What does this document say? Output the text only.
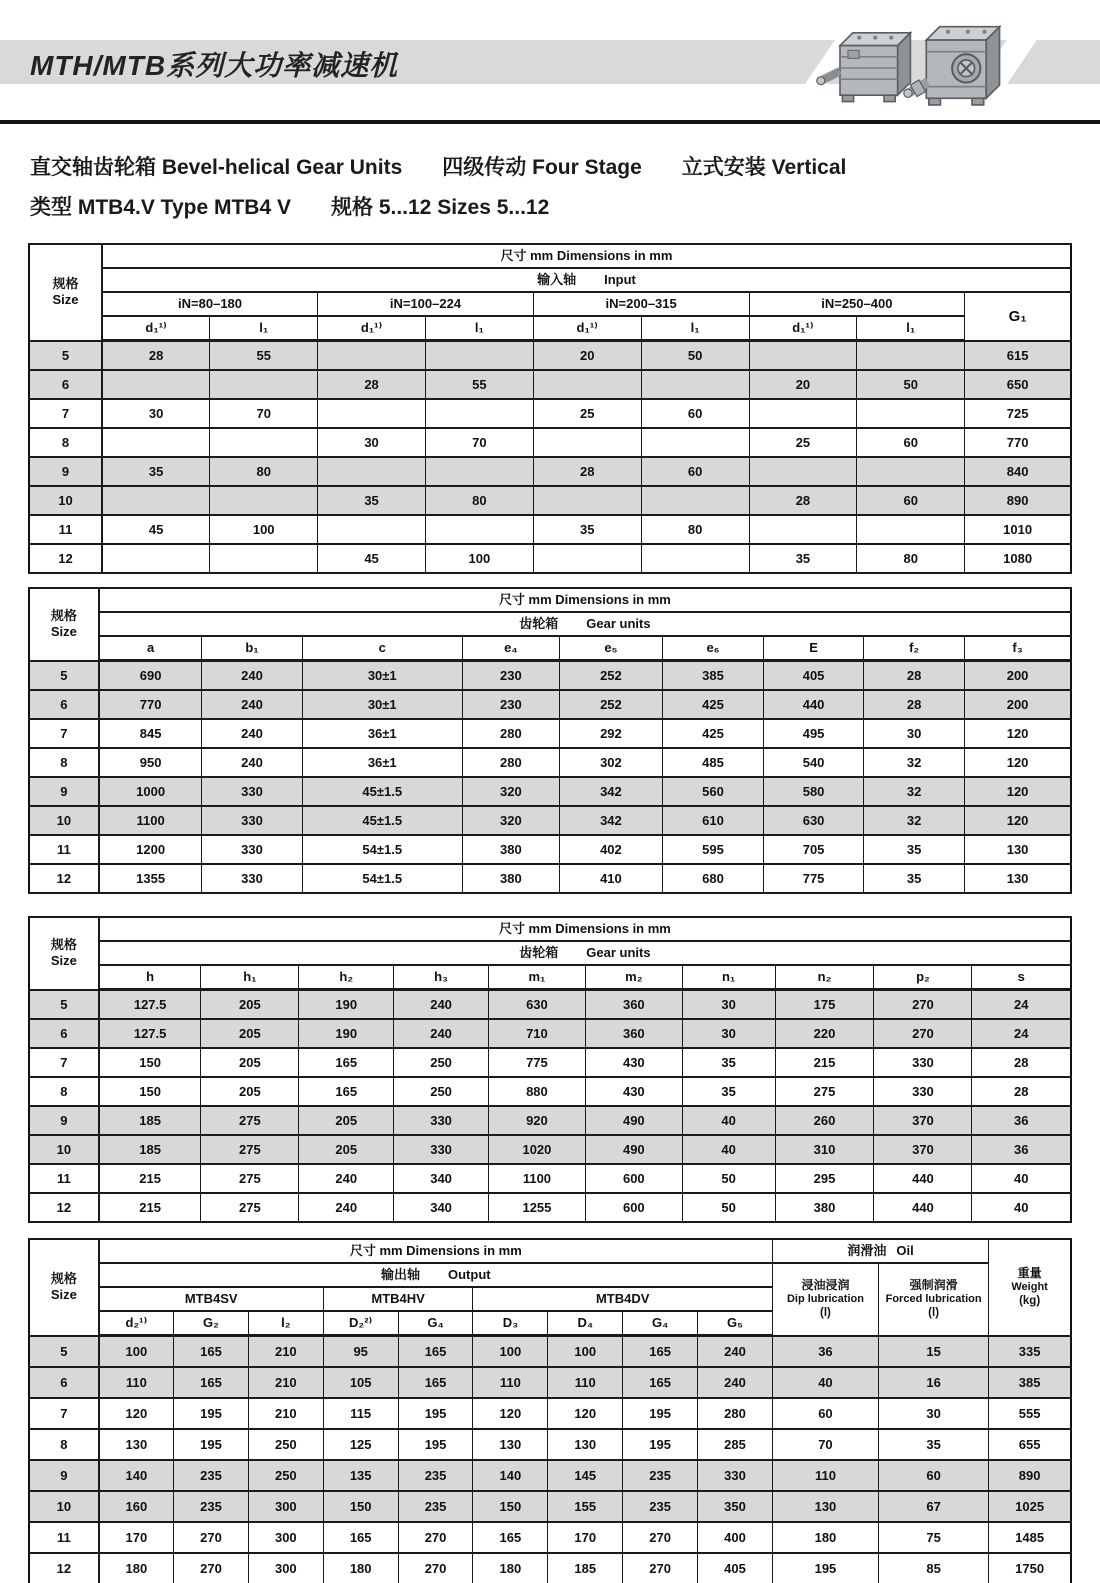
MTH/MTB系列大功率减速机
直交轴齿轮箱 Bevel-helical Gear Units 四级传动 Four Stage 立式安装 Vertical
类型 MTB4.V Type MTB4 V 规格 5...12 Sizes 5...12
规格
Size	尺寸 mm Dimensions in mm								
	输入轴 Input								
	iN=80–180		iN=100–224		iN=200–315		iN=250–400		G₁
	d₁¹⁾	l₁	d₁¹⁾	l₁	d₁¹⁾	l₁	d₁¹⁾	l₁	
5	28	55			20	50			615
6			28	55			20	50	650
7	30	70			25	60			725
8			30	70			25	60	770
9	35	80			28	60			840
10			35	80			28	60	890
11	45	100			35	80			1010
12			45	100			35	80	1080
规格
Size	尺寸 mm Dimensions in mm								
	齿轮箱 Gear units								
	a	b₁	c	e₄	e₅	e₆	E	f₂	f₃
5	690	240	30±1	230	252	385	405	28	200
6	770	240	30±1	230	252	425	440	28	200
7	845	240	36±1	280	292	425	495	30	120
8	950	240	36±1	280	302	485	540	32	120
9	1000	330	45±1.5	320	342	560	580	32	120
10	1100	330	45±1.5	320	342	610	630	32	120
11	1200	330	54±1.5	380	402	595	705	35	130
12	1355	330	54±1.5	380	410	680	775	35	130
规格
Size	尺寸 mm Dimensions in mm									
	齿轮箱 Gear units									
	h	h₁	h₂	h₃	m₁	m₂	n₁	n₂	p₂	s
5	127.5	205	190	240	630	360	30	175	270	24
6	127.5	205	190	240	710	360	30	220	270	24
7	150	205	165	250	775	430	35	215	330	28
8	150	205	165	250	880	430	35	275	330	28
9	185	275	205	330	920	490	40	260	370	36
10	185	275	205	330	1020	490	40	310	370	36
11	215	275	240	340	1100	600	50	295	440	40
12	215	275	240	340	1255	600	50	380	440	40
规格
Size
	尺寸 mm Dimensions in mm	润滑油 Oil	重量
Weight
(kg)

	输出轴 Output									浸油浸润
Dip lubrication
(l)	强制润滑
Forced lubrication
(l)	

	MTB4SV			MTB4HV		MTB4DV						
	d₂¹⁾	G₂	l₂	D₂²⁾	G₄	D₃	D₄	G₄	G₅			
5	100	165	210	95	165	100	100	165	240	36	15	335
6	110	165	210	105	165	110	110	165	240	40	16	385
7	120	195	210	115	195	120	120	195	280	60	30	555
8	130	195	250	125	195	130	130	195	285	70	35	655
9	140	235	250	135	235	140	145	235	330	110	60	890
10	160	235	300	150	235	150	155	235	350	130	67	1025
11	170	270	300	165	270	165	170	270	400	180	75	1485
12	180	270	300	180	270	180	185	270	405	195	85	1750
